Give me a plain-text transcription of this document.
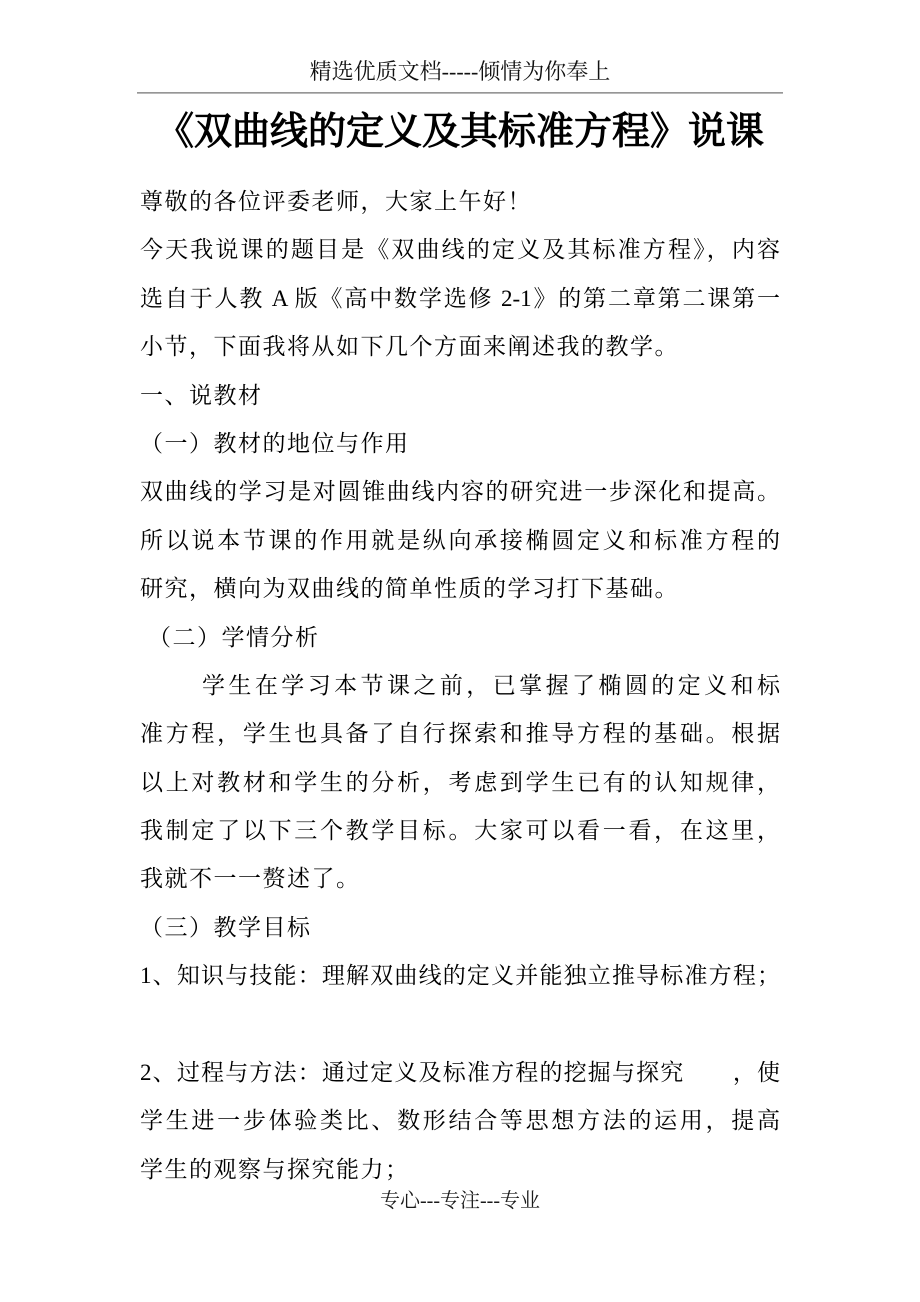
精选优质文档-----倾情为你奉上
《双曲线的定义及其标准方程》说课
尊敬的各位评委老师，大家上午好！
今天我说课的题目是《双曲线的定义及其标准方程》，内容
选自于人教 A 版《高中数学选修 2-1》的第二章第二课第一
小节，下面我将从如下几个方面来阐述我的教学。
一、说教材
（一）教材的地位与作用
双曲线的学习是对圆锥曲线内容的研究进一步深化和提高。
所以说本节课的作用就是纵向承接椭圆定义和标准方程的
研究，横向为双曲线的简单性质的学习打下基础。
（二）学情分析
学生在学习本节课之前，已掌握了椭圆的定义和标
准方程，学生也具备了自行探索和推导方程的基础。根据
以上对教材和学生的分析，考虑到学生已有的认知规律，
我制定了以下三个教学目标。大家可以看一看，在这里，
我就不一一赘述了。
（三）教学目标
1、知识与技能：理解双曲线的定义并能独立推导标准方程；
2、过程与方法：通过定义及标准方程的挖掘与探究　　，使
学生进一步体验类比、数形结合等思想方法的运用，提高
学生的观察与探究能力；
专心---专注---专业
